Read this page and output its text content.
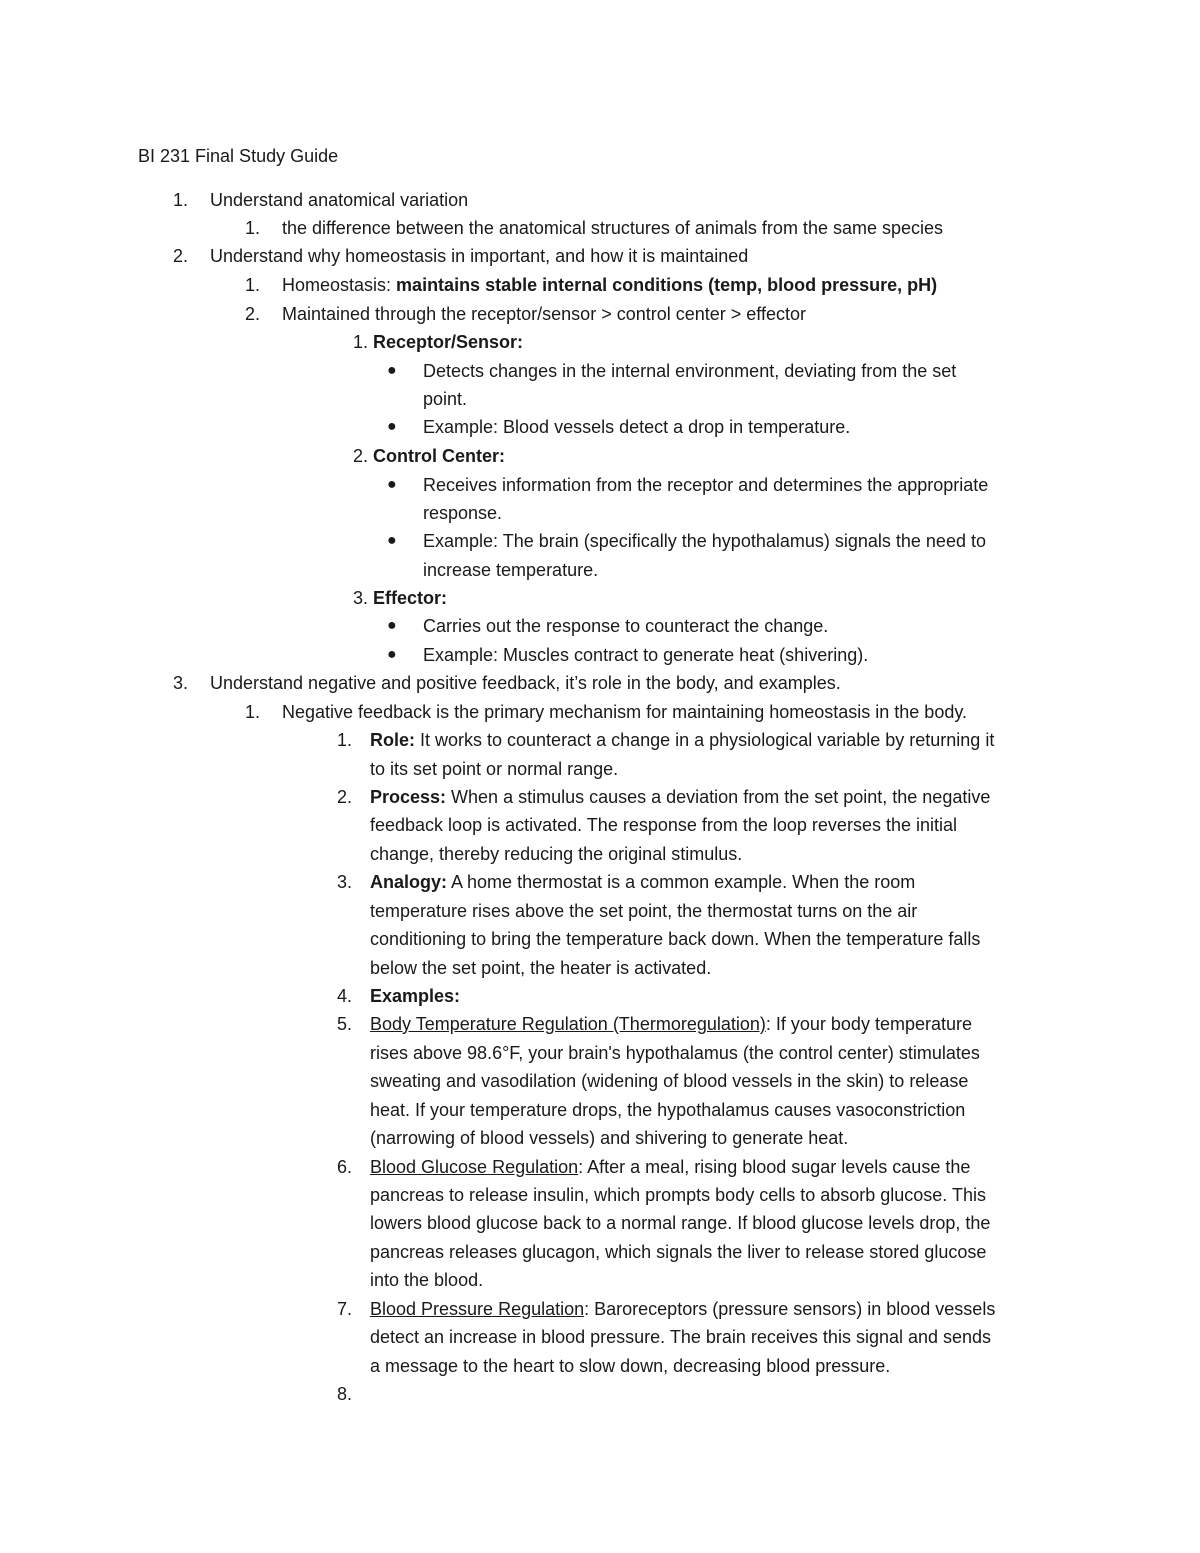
BI 231 Final Study Guide
1. Understand anatomical variation
1. the difference between the anatomical structures of animals from the same species
2. Understand why homeostasis in important, and how it is maintained
1. Homeostasis: maintains stable internal conditions (temp, blood pressure, pH)
2. Maintained through the receptor/sensor > control center > effector
1. Receptor/Sensor:
● Detects changes in the internal environment, deviating from the set
point.
● Example: Blood vessels detect a drop in temperature.
2. Control Center:
● Receives information from the receptor and determines the appropriate
response.
● Example: The brain (specifically the hypothalamus) signals the need to
increase temperature.
3. Effector:
● Carries out the response to counteract the change.
● Example: Muscles contract to generate heat (shivering).
3. Understand negative and positive feedback, it’s role in the body, and examples.
1. Negative feedback is the primary mechanism for maintaining homeostasis in the body.
1. Role: It works to counteract a change in a physiological variable by returning it
to its set point or normal range.
2. Process: When a stimulus causes a deviation from the set point, the negative
feedback loop is activated. The response from the loop reverses the initial
change, thereby reducing the original stimulus.
3. Analogy: A home thermostat is a common example. When the room
temperature rises above the set point, the thermostat turns on the air
conditioning to bring the temperature back down. When the temperature falls
below the set point, the heater is activated.
4. Examples:
5. Body Temperature Regulation (Thermoregulation): If your body temperature
rises above 98.6°F, your brain's hypothalamus (the control center) stimulates
sweating and vasodilation (widening of blood vessels in the skin) to release
heat. If your temperature drops, the hypothalamus causes vasoconstriction
(narrowing of blood vessels) and shivering to generate heat.
6. Blood Glucose Regulation: After a meal, rising blood sugar levels cause the
pancreas to release insulin, which prompts body cells to absorb glucose. This
lowers blood glucose back to a normal range. If blood glucose levels drop, the
pancreas releases glucagon, which signals the liver to release stored glucose
into the blood.
7. Blood Pressure Regulation: Baroreceptors (pressure sensors) in blood vessels
detect an increase in blood pressure. The brain receives this signal and sends
a message to the heart to slow down, decreasing blood pressure.
8.
